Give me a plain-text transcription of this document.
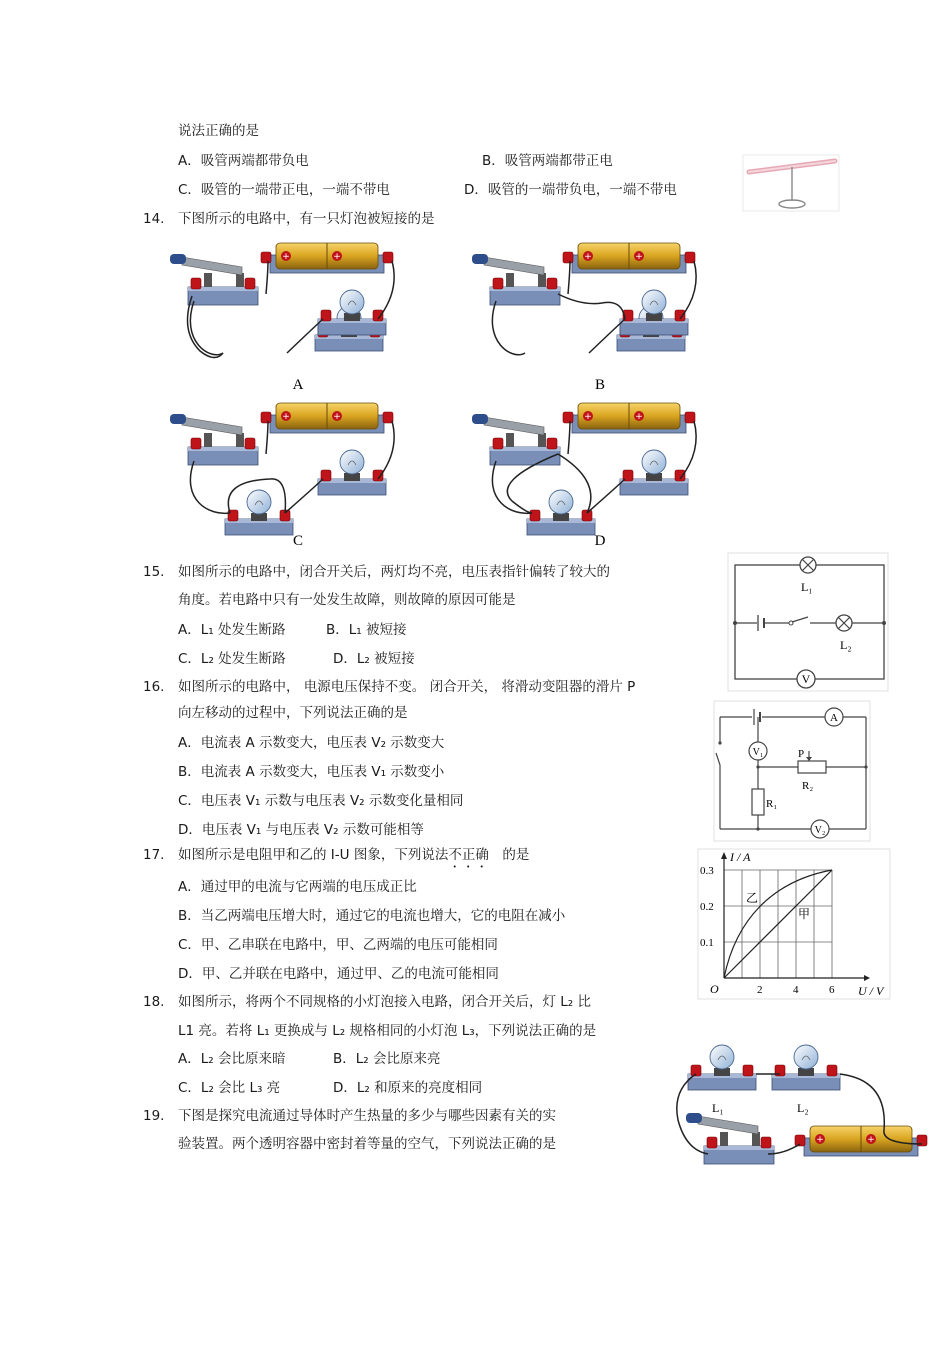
说法正确的是
A．吸管两端都带负电	B．吸管两端都带正电
C．吸管的一端带正电，一端不带电	D．吸管的一端带负电，一端不带电
14. 下图所示的电路中，有一只灯泡被短接的是
A	B
C	D
15. 如图所示的电路中，闭合开关后，两灯均不亮，电压表指针偏转了较大的
角度。若电路中只有一处发生故障，则故障的原因可能是
A．L₁ 处发生断路	B．L₁ 被短接
C．L₂ 处发生断路	D．L₂ 被短接
L₁
L₂
V
16. 如图所示的电路中， 电源电压保持不变。 闭合开关， 将滑动变阻器的滑片 P
向左移动的过程中，下列说法正确的是
A．电流表 A 示数变大，电压表 V₂ 示数变大
B．电流表 A 示数变大，电压表 V₁ 示数变小
C．电压表 V₁ 示数与电压表 V₂ 示数变化量相同
D．电压表 V₁ 与电压表 V₂ 示数可能相等
A
V₁	P
R₂
R₁
V₂
17. 如图所示是电阻甲和乙的 I-U 图象，下列说法不正确  的是
A．通过甲的电流与它两端的电压成正比
B．当乙两端电压增大时，通过它的电流也增大，它的电阻在减小
C．甲、乙串联在电路中，甲、乙两端的电压可能相同
D．甲、乙并联在电路中，通过甲、乙的电流可能相同
I / A
U / V
O
0.3
0.2
0.1
2	4	6
乙
甲
18. 如图所示，将两个不同规格的小灯泡接入电路，闭合开关后，灯 L₂ 比
L1 亮。若将 L₁ 更换成与 L₂ 规格相同的小灯泡 L₃，下列说法正确的是
A．L₂ 会比原来暗	B．L₂ 会比原来亮
C．L₂ 会比 L₃ 亮	D．L₂ 和原来的亮度相同
L₁	L₂
19. 下图是探究电流通过导体时产生热量的多少与哪些因素有关的实
验装置。两个透明容器中密封着等量的空气，下列说法正确的是
